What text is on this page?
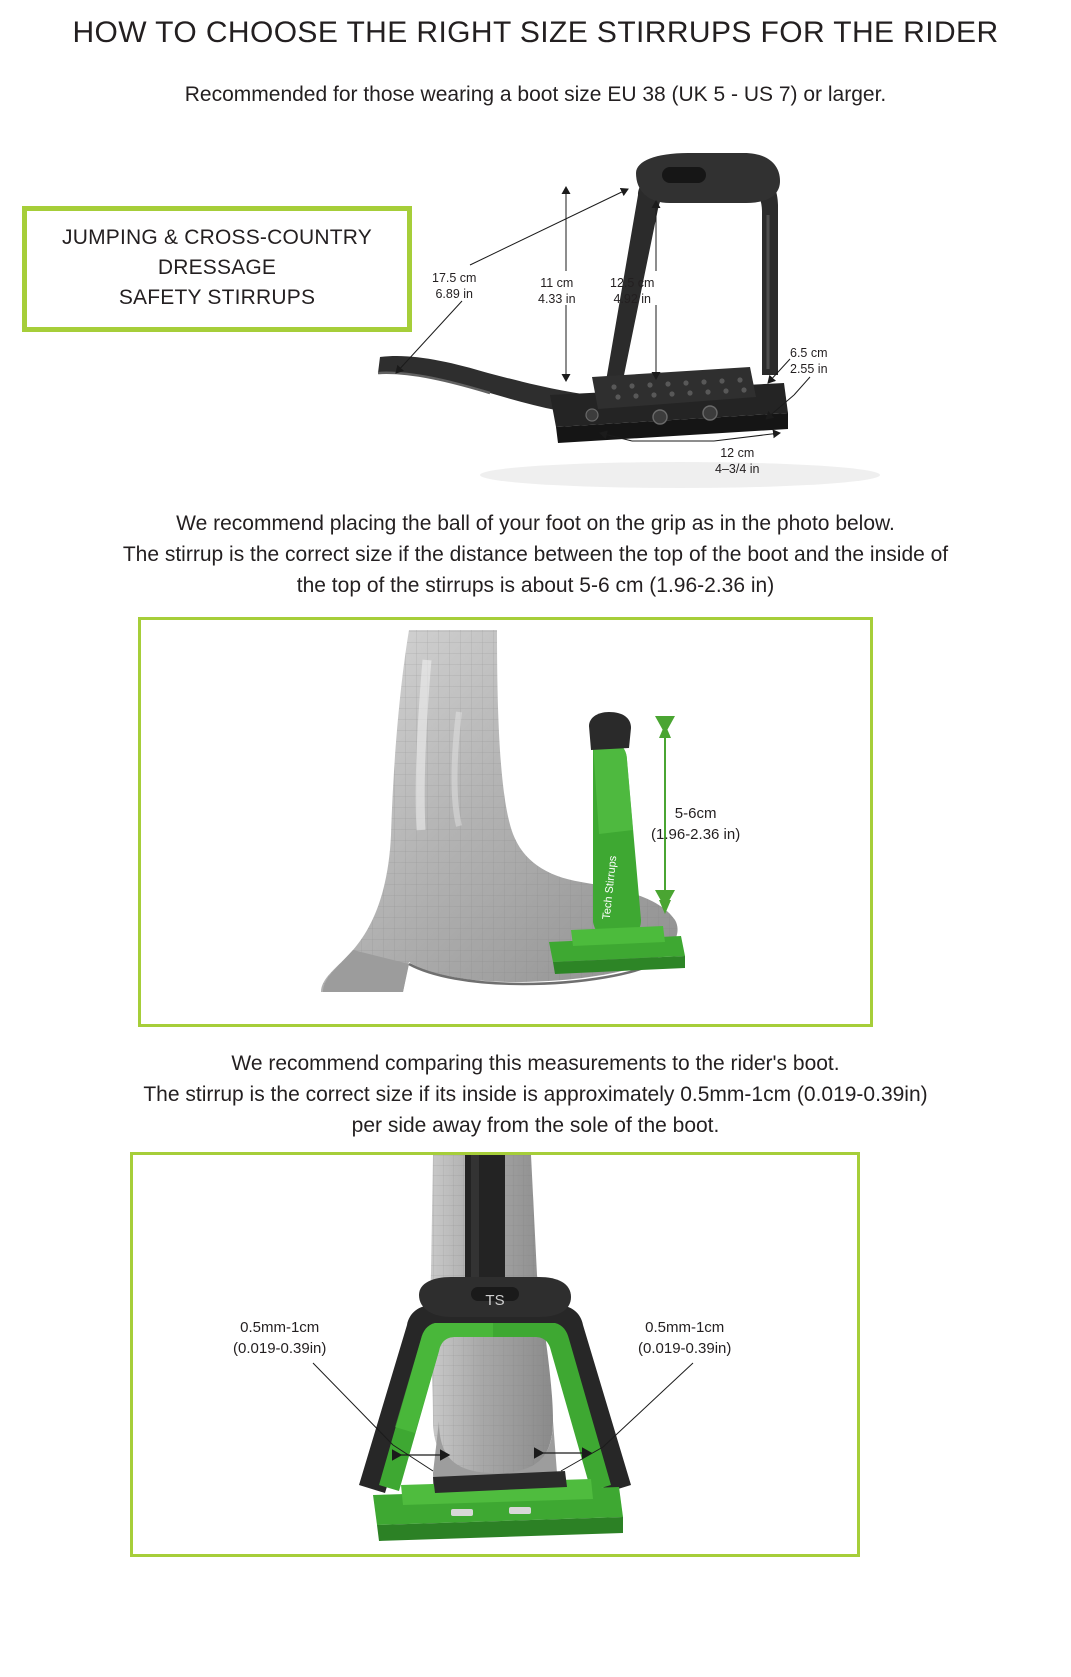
HOW TO CHOOSE THE RIGHT SIZE STIRRUPS FOR THE RIDER
Recommended for those wearing a boot size EU 38 (UK 5 - US 7) or larger.
JUMPING & CROSS-COUNTRY
DRESSAGE
SAFETY STIRRUPS
17.5 cm
6.89 in
11 cm
4.33 in
12.5 cm
4.92 in
6.5 cm
2.55 in
12 cm
4–3/4 in
We recommend placing the ball of your foot on the grip as in the photo below.
The stirrup is the correct size if the distance between the top of the boot and the inside of
the top of the stirrups is about 5-6 cm (1.96-2.36 in)
Tech Stirrups
5-6cm
(1.96-2.36 in)
We recommend comparing this measurements to the rider's boot.
The stirrup is the correct size if its inside is approximately 0.5mm-1cm (0.019-0.39in)
per side away from the sole of the boot.
TS
0.5mm-1cm
(0.019-0.39in)
0.5mm-1cm
(0.019-0.39in)
